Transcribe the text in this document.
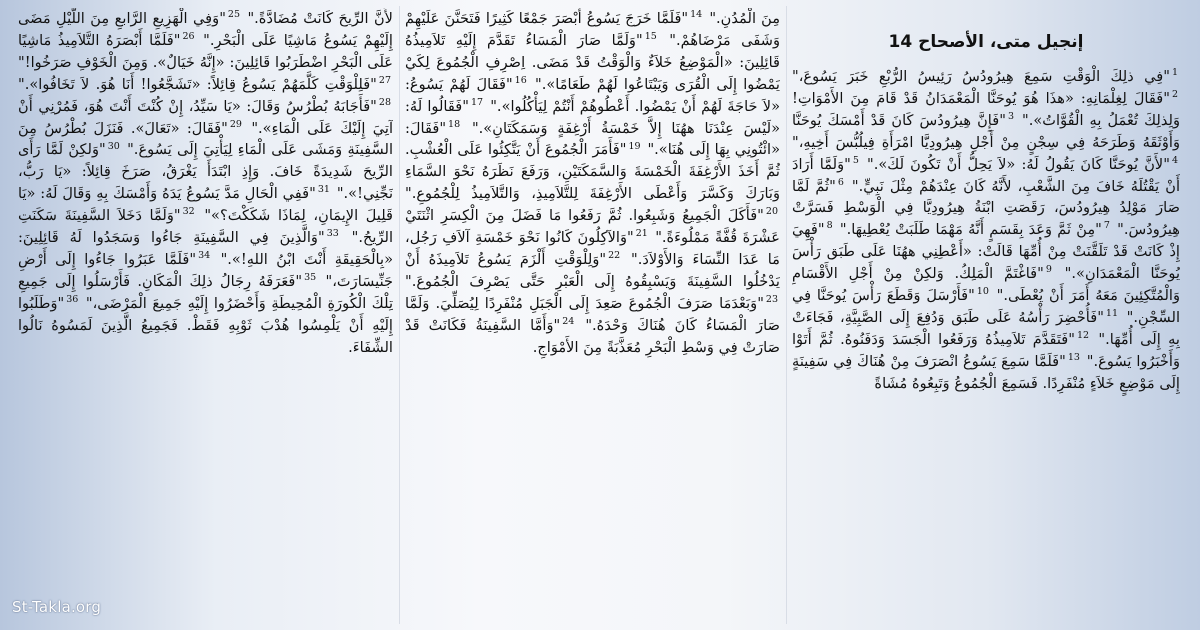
إنجيل متى، الأصحاح 14
$^1$"فِي ذلِكَ الْوَقْتِ سَمِعَ هِيرُودُسُ رَئِيسُ الرُّبْعِ خَبَرَ يَسُوعَ،" $^2$"فَقَالَ لِغِلْمَانِهِ: «هذَا هُوَ يُوحَنَّا الْمَعْمَدَانُ قَدْ قَامَ مِنَ الأَمْوَاتِ! وَلِذلِكَ تُعْمَلُ بِهِ الْقُوَّاتُ»." $^3$"فَإِنَّ هِيرُودُسَ كَانَ قَدْ أَمْسَكَ يُوحَنَّا وَأَوْثَقَهُ وَطَرَحَهُ فِي سِجْنٍ مِنْ أَجْلِ هِيرُودِيَّا امْرَأَةِ فِيلُبُّسَ أَخِيهِ،" $^4$"لأَنَّ يُوحَنَّا كَانَ يَقُولُ لَهُ: «لاَ يَحِلُّ أَنْ تَكُونَ لَكَ»." $^5$"وَلَمَّا أَرَادَ أَنْ يَقْتُلَهُ خَافَ مِنَ الشَّعْبِ، لأَنَّهُ كَانَ عِنْدَهُمْ مِثْلَ نَبِيٍّ." $^6$"ثُمَّ لَمَّا صَارَ مَوْلِدُ هِيرُودُسَ، رَقَصَتِ ابْنَةُ هِيرُودِيَّا فِي الْوَسْطِ فَسَرَّتْ هِيرُودُسَ." $^7$"مِنْ ثَمَّ وَعَدَ بِقَسَمٍ أَنَّهُ مَهْمَا طَلَبَتْ يُعْطِيهَا." $^8$"فَهِيَ إِذْ كَانَتْ قَدْ تَلَقَّنَتْ مِنْ أُمِّهَا قَالَتْ: «أَعْطِنِي ههُنَا عَلَى طَبَق رَأْسَ يُوحَنَّا الْمَعْمَدَانِ»." $^9$"فَاغْتَمَّ الْمَلِكُ. وَلكِنْ مِنْ أَجْلِ الأَقْسَامِ وَالْمُتَّكِئِينَ مَعَهُ أَمَرَ أَنْ يُعْطَى." $^{10}$"فَأَرْسَلَ وَقَطَعَ رَأْسَ يُوحَنَّا فِي السِّجْنِ." $^{11}$"فَأُحْضِرَ رَأْسُهُ عَلَى طَبَق وَدُفِعَ إِلَى الصَّبِيَّةِ، فَجَاءَتْ بِهِ إِلَى أُمِّهَا." $^{12}$"فَتَقَدَّمَ تَلاَمِيذُهُ وَرَفَعُوا الْجَسَدَ وَدَفَنُوهُ. ثُمَّ أَتَوْا وَأَخْبَرُوا يَسُوعَ." $^{13}$"فَلَمَّا سَمِعَ يَسُوعُ انْصَرَفَ مِنْ هُنَاكَ فِي سَفِينَةٍ إِلَى مَوْضِعٍ خَلاَءٍ مُنْفَرِدًا. فَسَمِعَ الْجُمُوعُ وَتَبِعُوهُ مُشَاةً
مِنَ الْمُدُنِ." $^{14}$"فَلَمَّا خَرَجَ يَسُوعُ أَبْصَرَ جَمْعًا كَثِيرًا فَتَحَنَّنَ عَلَيْهِمْ وَشَفَى مَرْضَاهُمْ." $^{15}$"وَلَمَّا صَارَ الْمَسَاءُ تَقَدَّمَ إِلَيْهِ تَلاَمِيذُهُ قَائِلِينَ: «الْمَوْضِعُ خَلاَءٌ وَالْوَقْتُ قَدْ مَضَى. اِصْرِفِ الْجُمُوعَ لِكَيْ يَمْضُوا إِلَى الْقُرَى وَيَبْتَاعُوا لَهُمْ طَعَامًا»." $^{16}$"فَقَالَ لَهُمْ يَسُوعُ: «لاَ حَاجَةَ لَهُمْ أَنْ يَمْضُوا. أَعْطُوهُمْ أَنْتُمْ لِيَأْكُلُوا»." $^{17}$"فَقَالُوا لَهُ: «لَيْسَ عِنْدَنَا ههُنَا إِلاَّ خَمْسَةُ أَرْغِفَةٍ وَسَمَكَتَانِ»." $^{18}$"فَقَالَ: «ائْتُونِي بِهَا إِلَى هُنَا»." $^{19}$"فَأَمَرَ الْجُمُوعَ أَنْ يَتَّكِئُوا عَلَى الْعُشْبِ. ثُمَّ أَخَذَ الأَرْغِفَةَ الْخَمْسَةَ وَالسَّمَكَتَيْنِ، وَرَفَعَ نَظَرَهُ نَحْوَ السَّمَاءِ وَبَارَكَ وَكَسَّرَ وَأَعْطَى الأَرْغِفَةَ لِلتَّلاَمِيذِ، وَالتَّلاَمِيذُ لِلْجُمُوعِ." $^{20}$"فَأَكَلَ الْجَمِيعُ وَشَبِعُوا. ثُمَّ رَفَعُوا مَا فَضَلَ مِنَ الْكِسَرِ اثْنَتَيْ عَشْرَةَ قُفَّةً مَمْلُوءَةً." $^{21}$"وَالآكِلُونَ كَانُوا نَحْوَ خَمْسَةِ آلاَفِ رَجُل، مَا عَدَا النِّسَاءَ وَالأَوْلاَدَ." $^{22}$"وَلِلْوَقْتِ أَلْزَمَ يَسُوعُ تَلاَمِيذَهُ أَنْ يَدْخُلُوا السَّفِينَةَ وَيَسْبِقُوهُ إِلَى الْعَبْرِ حَتَّى يَصْرِفَ الْجُمُوعَ." $^{23}$"وَبَعْدَمَا صَرَفَ الْجُمُوعَ صَعِدَ إِلَى الْجَبَلِ مُنْفَرِدًا لِيُصَلِّيَ. وَلَمَّا صَارَ الْمَسَاءُ كَانَ هُنَاكَ وَحْدَهُ." $^{24}$"وَأَمَّا السَّفِينَةُ فَكَانَتْ قَدْ صَارَتْ فِي وَسْطِ الْبَحْرِ مُعَذَّبَةً مِنَ الأَمْوَاجِ.
لأَنَّ الرِّيحَ كَانَتْ مُضَادَّةً." $^{25}$"وَفِي الْهَزِيعِ الرَّابعِ مِنَ اللَّيْلِ مَضَى إِلَيْهِمْ يَسُوعُ مَاشِيًا عَلَى الْبَحْرِ." $^{26}$"فَلَمَّا أَبْصَرَهُ التَّلاَمِيذُ مَاشِيًا عَلَى الْبَحْرِ اضْطَرَبُوا قَائِلِينَ: «إِنَّهُ خَيَالٌ». وَمِنَ الْخَوْفِ صَرَخُوا!" $^{27}$"فَلِلْوَقْتِ كَلَّمَهُمْ يَسُوعُ قِائِلاً: «تَشَجَّعُوا! أَنَا هُوَ. لاَ تَخَافُوا»." $^{28}$"فَأَجَابَهُ بُطْرُسُ وَقَالَ: «يَا سَيِّدُ، إِنْ كُنْتَ أَنْتَ هُوَ، فَمُرْنِي أَنْ آتِيَ إِلَيْكَ عَلَى الْمَاءِ»." $^{29}$"فَقَالَ: «تَعَالَ». فَنَزَلَ بُطْرُسُ مِنَ السَّفِينَةِ وَمَشَى عَلَى الْمَاءِ لِيَأْتِيَ إِلَى يَسُوعَ." $^{30}$"وَلكِنْ لَمَّا رَأَى الرِّيحَ شَدِيدَةً خَافَ. وَإِذِ ابْتَدَأَ يَغْرَقُ، صَرَخَ قِائِلاً: «يَا رَبُّ، نَجِّنِي!»." $^{31}$"فَفِي الْحَالِ مَدَّ يَسُوعُ يَدَهُ وَأَمْسَكَ بِهِ وَقَالَ لَهُ: «يَا قَلِيلَ الإِيمَانِ، لِمَاذَا شَكَكْتَ؟»" $^{32}$"وَلَمَّا دَخَلاَ السَّفِينَةَ سَكَنَتِ الرِّيحُ." $^{33}$"وَالَّذِينَ فِي السَّفِينَةِ جَاءُوا وَسَجَدُوا لَهُ قَائِلِينَ: «بِالْحَقِيقَةِ أَنْتَ ابْنُ اللهِ!»." $^{34}$"فَلَمَّا عَبَرُوا جَاءُوا إِلَى أَرْضِ جَنِّيسَارَتَ،" $^{35}$"فَعَرَفَهُ رِجَالُ ذلِكَ الْمَكَانِ. فَأَرْسَلُوا إِلَى جَمِيعِ تِلْكَ الْكُورَةِ الْمُحِيطَةِ وَأَحْضَرُوا إِلَيْهِ جَمِيعَ الْمَرْضَى،" $^{36}$"وَطَلَبُوا إِلَيْهِ أَنْ يَلْمِسُوا هُدْبَ ثَوْبِهِ فَقَطْ. فَجَمِيعُ الَّذِينَ لَمَسُوهُ نَالُوا الشِّفَاءَ.
St-Takla.org
